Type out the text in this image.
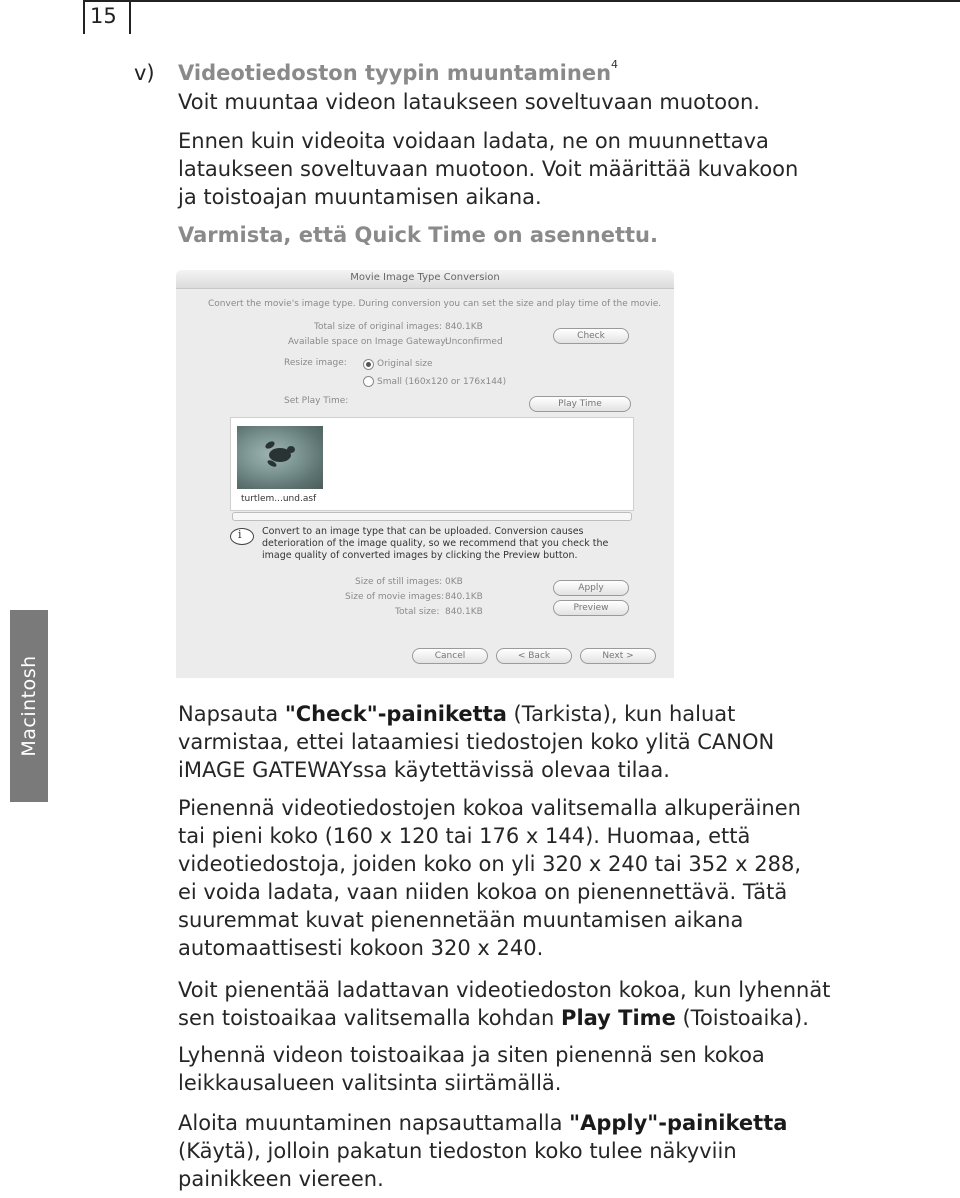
15
Macintosh
v) Videotiedoston tyypin muuntaminen$^4$
Voit muuntaa videon lataukseen soveltuvaan muotoon.
Ennen kuin videoita voidaan ladata, ne on muunnettava
lataukseen soveltuvaan muotoon. Voit määrittää kuvakoon
ja toistoajan muuntamisen aikana.
Varmista, että Quick Time on asennettu.
Movie Image Type Conversion
Convert the movie's image type. During conversion you can set the size and play time of the movie.
Total size of original images: 840.1KB
Available space on Image Gateway:
Unconfirmed
Check
Resize image:	Original size
Small (160x120 or 176x144)
Set Play Time:	Play Time
turtlem...und.asf
i Convert to an image type that can be uploaded. Conversion causes
deterioration of the image quality, so we recommend that you check the
image quality of converted images by clicking the Preview button.
Size of still images: 0KB
Size of movie images: 840.1KB
Total size: 840.1KB
Apply
Preview
Cancel	< Back	Next >
Napsauta "Check"-painiketta (Tarkista), kun haluat
varmistaa, ettei lataamiesi tiedostojen koko ylitä CANON
iMAGE GATEWAYssa käytettävissä olevaa tilaa.
Pienennä videotiedostojen kokoa valitsemalla alkuperäinen
tai pieni koko (160 x 120 tai 176 x 144). Huomaa, että
videotiedostoja, joiden koko on yli 320 x 240 tai 352 x 288,
ei voida ladata, vaan niiden kokoa on pienennettävä. Tätä
suuremmat kuvat pienennetään muuntamisen aikana
automaattisesti kokoon 320 x 240.
Voit pienentää ladattavan videotiedoston kokoa, kun lyhennät
sen toistoaikaa valitsemalla kohdan Play Time (Toistoaika).
Lyhennä videon toistoaikaa ja siten pienennä sen kokoa
leikkausalueen valitsinta siirtämällä.
Aloita muuntaminen napsauttamalla "Apply"-painiketta
(Käytä), jolloin pakatun tiedoston koko tulee näkyviin
painikkeen viereen.
